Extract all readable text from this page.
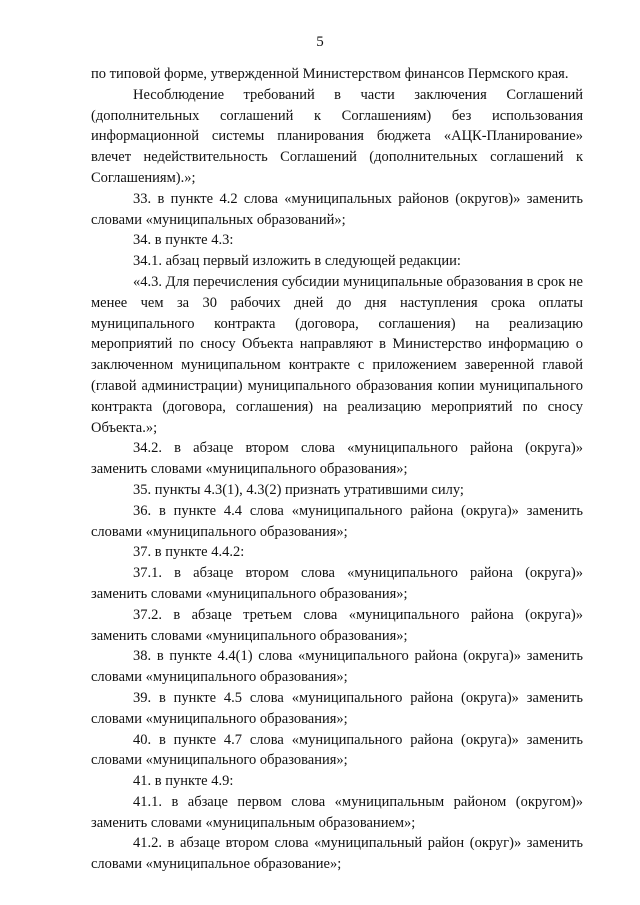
5

по типовой форме, утвержденной Министерством финансов Пермского края.

Несоблюдение требований в части заключения Соглашений (дополнительных соглашений к Соглашениям) без использования информационной системы планирования бюджета «АЦК-Планирование» влечет недействительность Соглашений (дополнительных соглашений к Соглашениям).»;

33. в пункте 4.2 слова «муниципальных районов (округов)» заменить словами «муниципальных образований»;

34. в пункте 4.3:

34.1. абзац первый изложить в следующей редакции:

«4.3. Для перечисления субсидии муниципальные образования в срок не менее чем за 30 рабочих дней до дня наступления срока оплаты муниципального контракта (договора, соглашения) на реализацию мероприятий по сносу Объекта направляют в Министерство информацию о заключенном муниципальном контракте с приложением заверенной главой (главой администрации) муниципального образования копии муниципального контракта (договора, соглашения) на реализацию мероприятий по сносу Объекта.»;

34.2. в абзаце втором слова «муниципального района (округа)» заменить словами «муниципального образования»;

35. пункты 4.3(1), 4.3(2) признать утратившими силу;

36. в пункте 4.4 слова «муниципального района (округа)» заменить словами «муниципального образования»;

37. в пункте 4.4.2:

37.1. в абзаце втором слова «муниципального района (округа)» заменить словами «муниципального образования»;

37.2. в абзаце третьем слова «муниципального района (округа)» заменить словами «муниципального образования»;

38. в пункте 4.4(1) слова «муниципального района (округа)» заменить словами «муниципального образования»;

39. в пункте 4.5 слова «муниципального района (округа)» заменить словами «муниципального образования»;

40. в пункте 4.7 слова «муниципального района (округа)» заменить словами «муниципального образования»;

41. в пункте 4.9:

41.1. в абзаце первом слова «муниципальным районом (округом)» заменить словами «муниципальным образованием»;

41.2. в абзаце втором слова «муниципальный район (округ)» заменить словами «муниципальное образование»;
